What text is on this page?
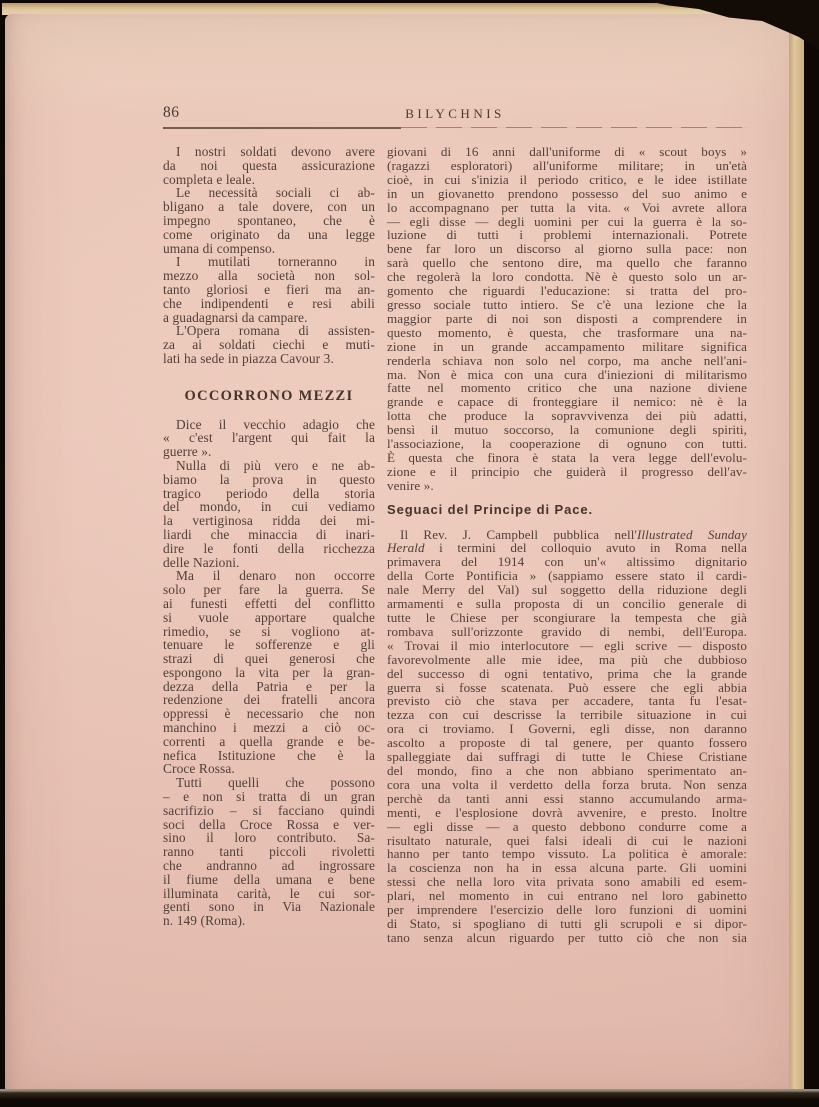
86	BILYCHNIS
I nostri soldati devono avere
da noi questa assicurazione
completa e leale.
Le necessità sociali ci ab-
bligano a tale dovere, con un
impegno spontaneo, che è
come originato da una legge
umana di compenso.
I mutilati torneranno in
mezzo alla società non sol-
tanto gloriosi e fieri ma an-
che indipendenti e resi abili
a guadagnarsi da campare.
L'Opera romana di assisten-
za ai soldati ciechi e muti-
lati ha sede in piazza Cavour 3.
OCCORRONO MEZZI
Dice il vecchio adagio che
« c'est l'argent qui fait la
guerre ».
Nulla di più vero e ne ab-
biamo la prova in questo
tragico periodo della storia
del mondo, in cui vediamo
la vertiginosa ridda dei mi-
liardi che minaccia di inari-
dire le fonti della ricchezza
delle Nazioni.
Ma il denaro non occorre
solo per fare la guerra. Se
ai funesti effetti del conflitto
si vuole apportare qualche
rimedio, se si vogliono at-
tenuare le sofferenze e gli
strazi di quei generosi che
espongono la vita per la gran-
dezza della Patria e per la
redenzione dei fratelli ancora
oppressi è necessario che non
manchino i mezzi a ciò oc-
correnti a quella grande e be-
nefica Istituzione che è la
Croce Rossa.
Tutti quelli che possono
– e non si tratta di un gran
sacrifizio – si facciano quindi
soci della Croce Rossa e ver-
sino il loro contributo. Sa-
ranno tanti piccoli rivoletti
che andranno ad ingrossare
il fiume della umana e bene
illuminata carità, le cui sor-
genti sono in Via Nazionale
n. 149 (Roma).
giovani di 16 anni dall'uniforme di « scout boys »
(ragazzi esploratori) all'uniforme militare; in un'età
cioè, in cui s'inizia il periodo critico, e le idee istillate
in un giovanetto prendono possesso del suo animo e
lo accompagnano per tutta la vita. « Voi avrete allora
— egli disse — degli uomini per cui la guerra è la so-
luzione di tutti i problemi internazionali. Potrete
bene far loro un discorso al giorno sulla pace: non
sarà quello che sentono dire, ma quello che faranno
che regolerà la loro condotta. Nè è questo solo un ar-
gomento che riguardi l'educazione: si tratta del pro-
gresso sociale tutto intiero. Se c'è una lezione che la
maggior parte di noi son disposti a comprendere in
questo momento, è questa, che trasformare una na-
zione in un grande accampamento militare significa
renderla schiava non solo nel corpo, ma anche nell'ani-
ma. Non è mica con una cura d'iniezioni di militarismo
fatte nel momento critico che una nazione diviene
grande e capace di fronteggiare il nemico: nè è la
lotta che produce la sopravvivenza dei più adatti,
bensì il mutuo soccorso, la comunione degli spiriti,
l'associazione, la cooperazione di ognuno con tutti.
È questa che finora è stata la vera legge dell'evolu-
zione e il principio che guiderà il progresso dell'av-
venire ».
Seguaci del Principe di Pace.
Il Rev. J. Campbell pubblica nell'Illustrated Sunday
Herald i termini del colloquio avuto in Roma nella
primavera del 1914 con un'« altissimo dignitario
della Corte Pontificia » (sappiamo essere stato il cardi-
nale Merry del Val) sul soggetto della riduzione degli
armamenti e sulla proposta di un concilio generale di
tutte le Chiese per scongiurare la tempesta che già
rombava sull'orizzonte gravido di nembi, dell'Europa.
« Trovai il mio interlocutore — egli scrive — disposto
favorevolmente alle mie idee, ma più che dubbioso
del successo di ogni tentativo, prima che la grande
guerra si fosse scatenata. Può essere che egli abbia
previsto ciò che stava per accadere, tanta fu l'esat-
tezza con cui descrisse la terribile situazione in cui
ora ci troviamo. I Governi, egli disse, non daranno
ascolto a proposte di tal genere, per quanto fossero
spalleggiate dai suffragi di tutte le Chiese Cristiane
del mondo, fino a che non abbiano sperimentato an-
cora una volta il verdetto della forza bruta. Non senza
perchè da tanti anni essi stanno accumulando arma-
menti, e l'esplosione dovrà avvenire, e presto. Inoltre
— egli disse — a questo debbono condurre come a
risultato naturale, quei falsi ideali di cui le nazioni
hanno per tanto tempo vissuto. La politica è amorale:
la coscienza non ha in essa alcuna parte. Gli uomini
stessi che nella loro vita privata sono amabili ed esem-
plari, nel momento in cui entrano nel loro gabinetto
per imprendere l'esercizio delle loro funzioni di uomini
di Stato, si spogliano di tutti gli scrupoli e si dipor-
tano senza alcun riguardo per tutto ciò che non sia
